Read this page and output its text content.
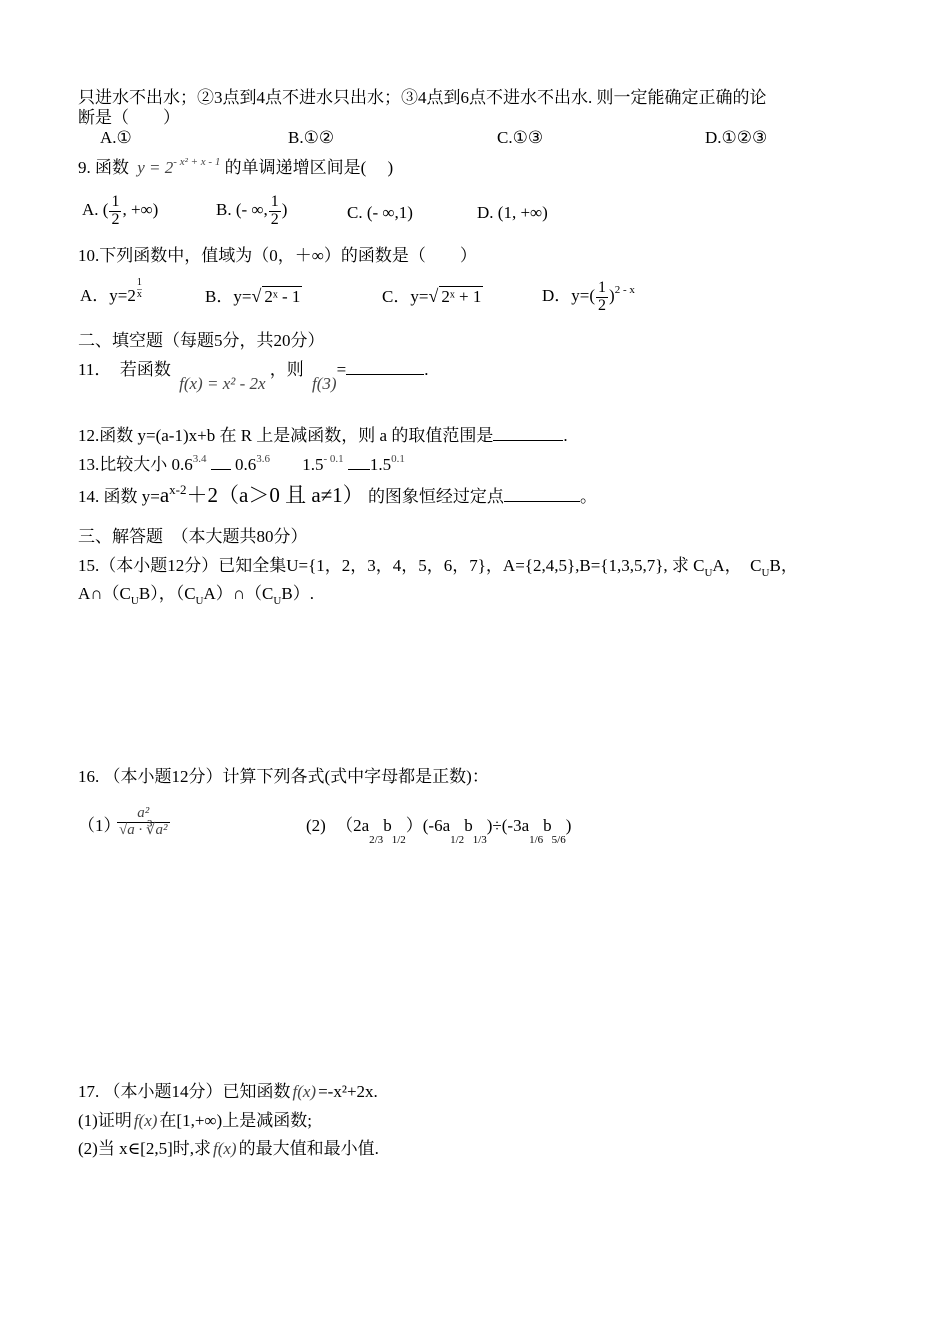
只进水不出水；②3点到4点不进水只出水；③4点到6点不进水不出水. 则一定能确定正确的论
断是（　　）
A.①	B.①②	C.①③	D.①②③
9. 函数 $y = 2^{- x^2 + x - 1}$ 的单调递增区间是(　 )
A. ( $\frac{1}{2}$ , +∞)	B. (- ∞, $\frac{1}{2}$ )	C. (- ∞,1)	D. (1, +∞)
10.下列函数中，值域为（0，＋∞）的函数是（　　）
A．$y=2 \frac{1}{x}$	B．y=√ 2ˣ - 1	C．y=√ 2ˣ + 1	D．$y=( \frac{1}{2} )^{2 - x}$
二、填空题（每题5分，共20分）
11．　若函数 f(x) = x² - 2x ，则 f(3)=	.
12.函数 y=(a-1)x+b 在 R 上是减函数，则 a 的取值范围是	.
13.比较大小 $0.6^{3.4}$ $0.6^{3.6}$ $1.5^{- 0.1}$ $1.5^{0.1}$
14. 函数 $y=a^{x-2}+2(a>0$ 且 a≠1） 的图象恒经过定点	。
三、解答题　（本大题共80分）
15.（本小题12分）已知全集U={1，2，3，4，5，6，7}，A={2,4,5},B={1,3,5,7}, 求 $C_UA$，　$C_UB$，
$A\cap(C_UB)$，$(C_UA)\cap(C_UB)$.
16. （本小题12分）计算下列各式(式中字母都是正数)：
（1）
$\frac{\text{a²}}{\text{√a · ∛a²}}$	(2) $(2a_{2/3}b_{1/2})(-6a_{1/2}b_{1/3})\div(-3a_{1/6}b_{5/6})$
17. （本小题14分）已知函数 f(x) =-x²+2x.
(1)证明 f(x) 在[1,+∞)上是减函数;
(2)当 x∈[2,5]时,求 f(x) 的最大值和最小值.
